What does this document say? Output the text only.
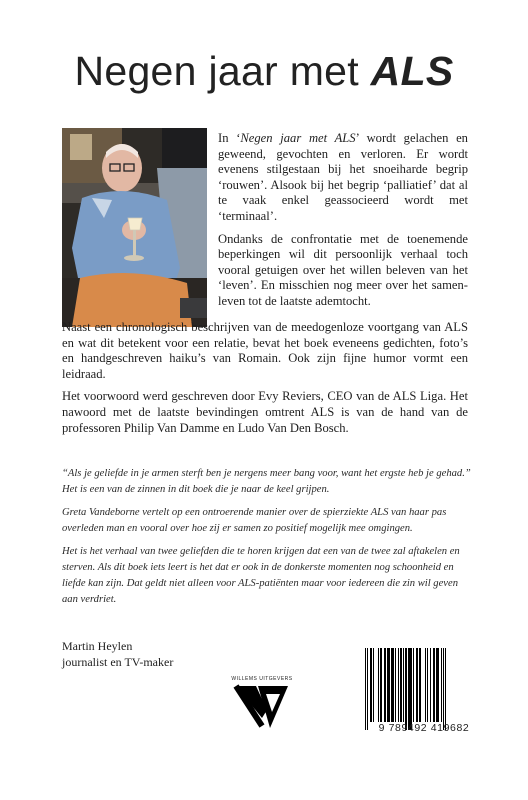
Negen jaar met ALS

In ‘Negen jaar met ALS’ wordt gelachen en geweend, gevochten en verloren. Er wordt evenens stilgestaan bij het snoeiharde begrip ‘rouwen’. Alsook bij het begrip ‘palliatief’ dat al te vaak enkel geassocieerd wordt met ‘terminaal’.

Ondanks de confrontatie met de toenemende beperkingen wil dit persoonlijk verhaal toch vooral getuigen over het willen beleven van het ‘leven’. En misschien nog meer over het samen-leven tot de laatste ademtocht.

Naast een chronologisch beschrijven van de meedogenloze voortgang van ALS en wat dit betekent voor een relatie, bevat het boek eveneens gedichten, foto’s en handgeschreven haiku’s van Romain. Ook zijn fijne humor vormt een leidraad.

Het voorwoord werd geschreven door Evy Reviers, CEO van de ALS Liga. Het nawoord met de laatste bevindingen omtrent ALS is van de hand van de professoren Philip Van Damme en Ludo Van Den Bosch.

“Als je geliefde in je armen sterft ben je nergens meer bang voor, want het ergste heb je gehad.” Het is een van de zinnen in dit boek die je naar de keel grijpen.

Greta Vandeborne vertelt op een ontroerende manier over de spierziekte ALS van haar pas overleden man en vooral over hoe zij er samen zo positief mogelijk mee omgingen.

Het is het verhaal van twee geliefden die te horen krijgen dat een van de twee zal aftakelen en sterven. Als dit boek iets leert is het dat er ook in de donkerste momenten nog schoonheid en liefde kan zijn. Dat geldt niet alleen voor ALS-patiënten maar voor iedereen die zin wil geven aan verdriet.

Martin Heylen
journalist en TV-maker
WILLEMS UITGEVERS
9 789492 419682
